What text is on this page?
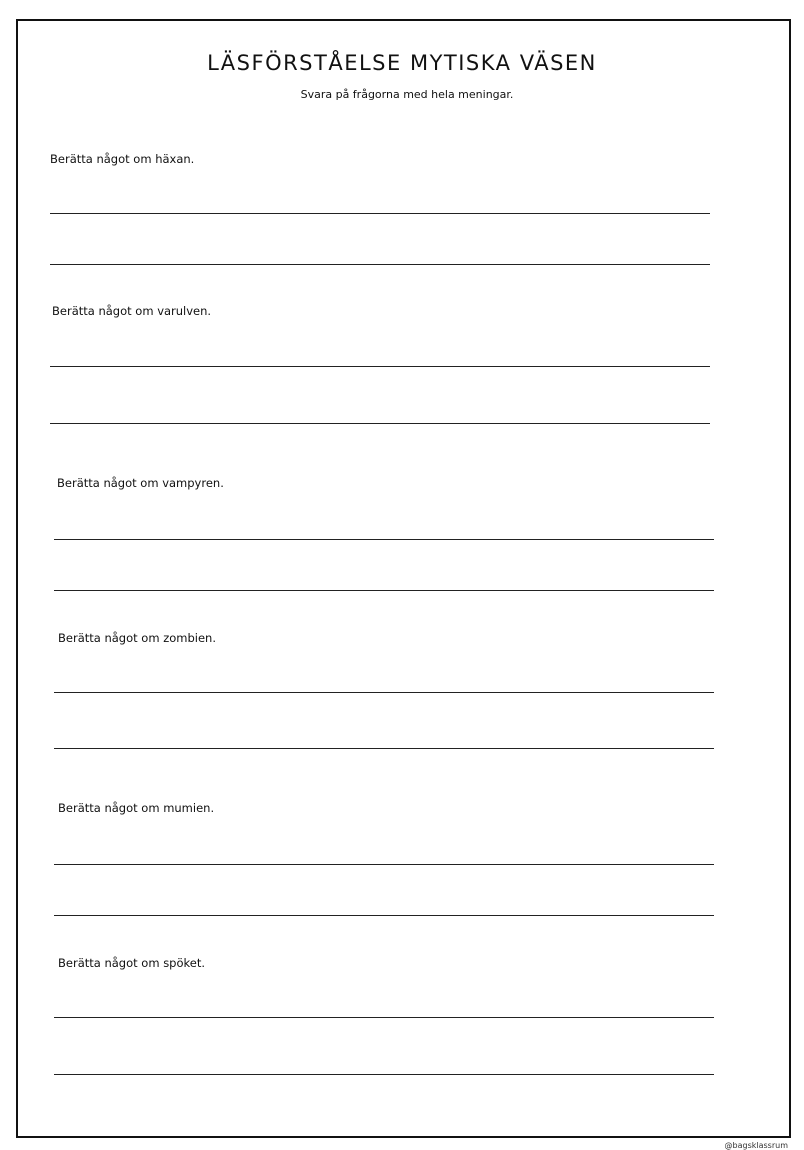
LÄSFÖRSTÅELSE MYTISKA VÄSEN

Svara på frågorna med hela meningar.

Berätta något om häxan.

Berätta något om varulven.

Berätta något om vampyren.

Berätta något om zombien.

Berätta något om mumien.

Berätta något om spöket.

@bagsklassrum
